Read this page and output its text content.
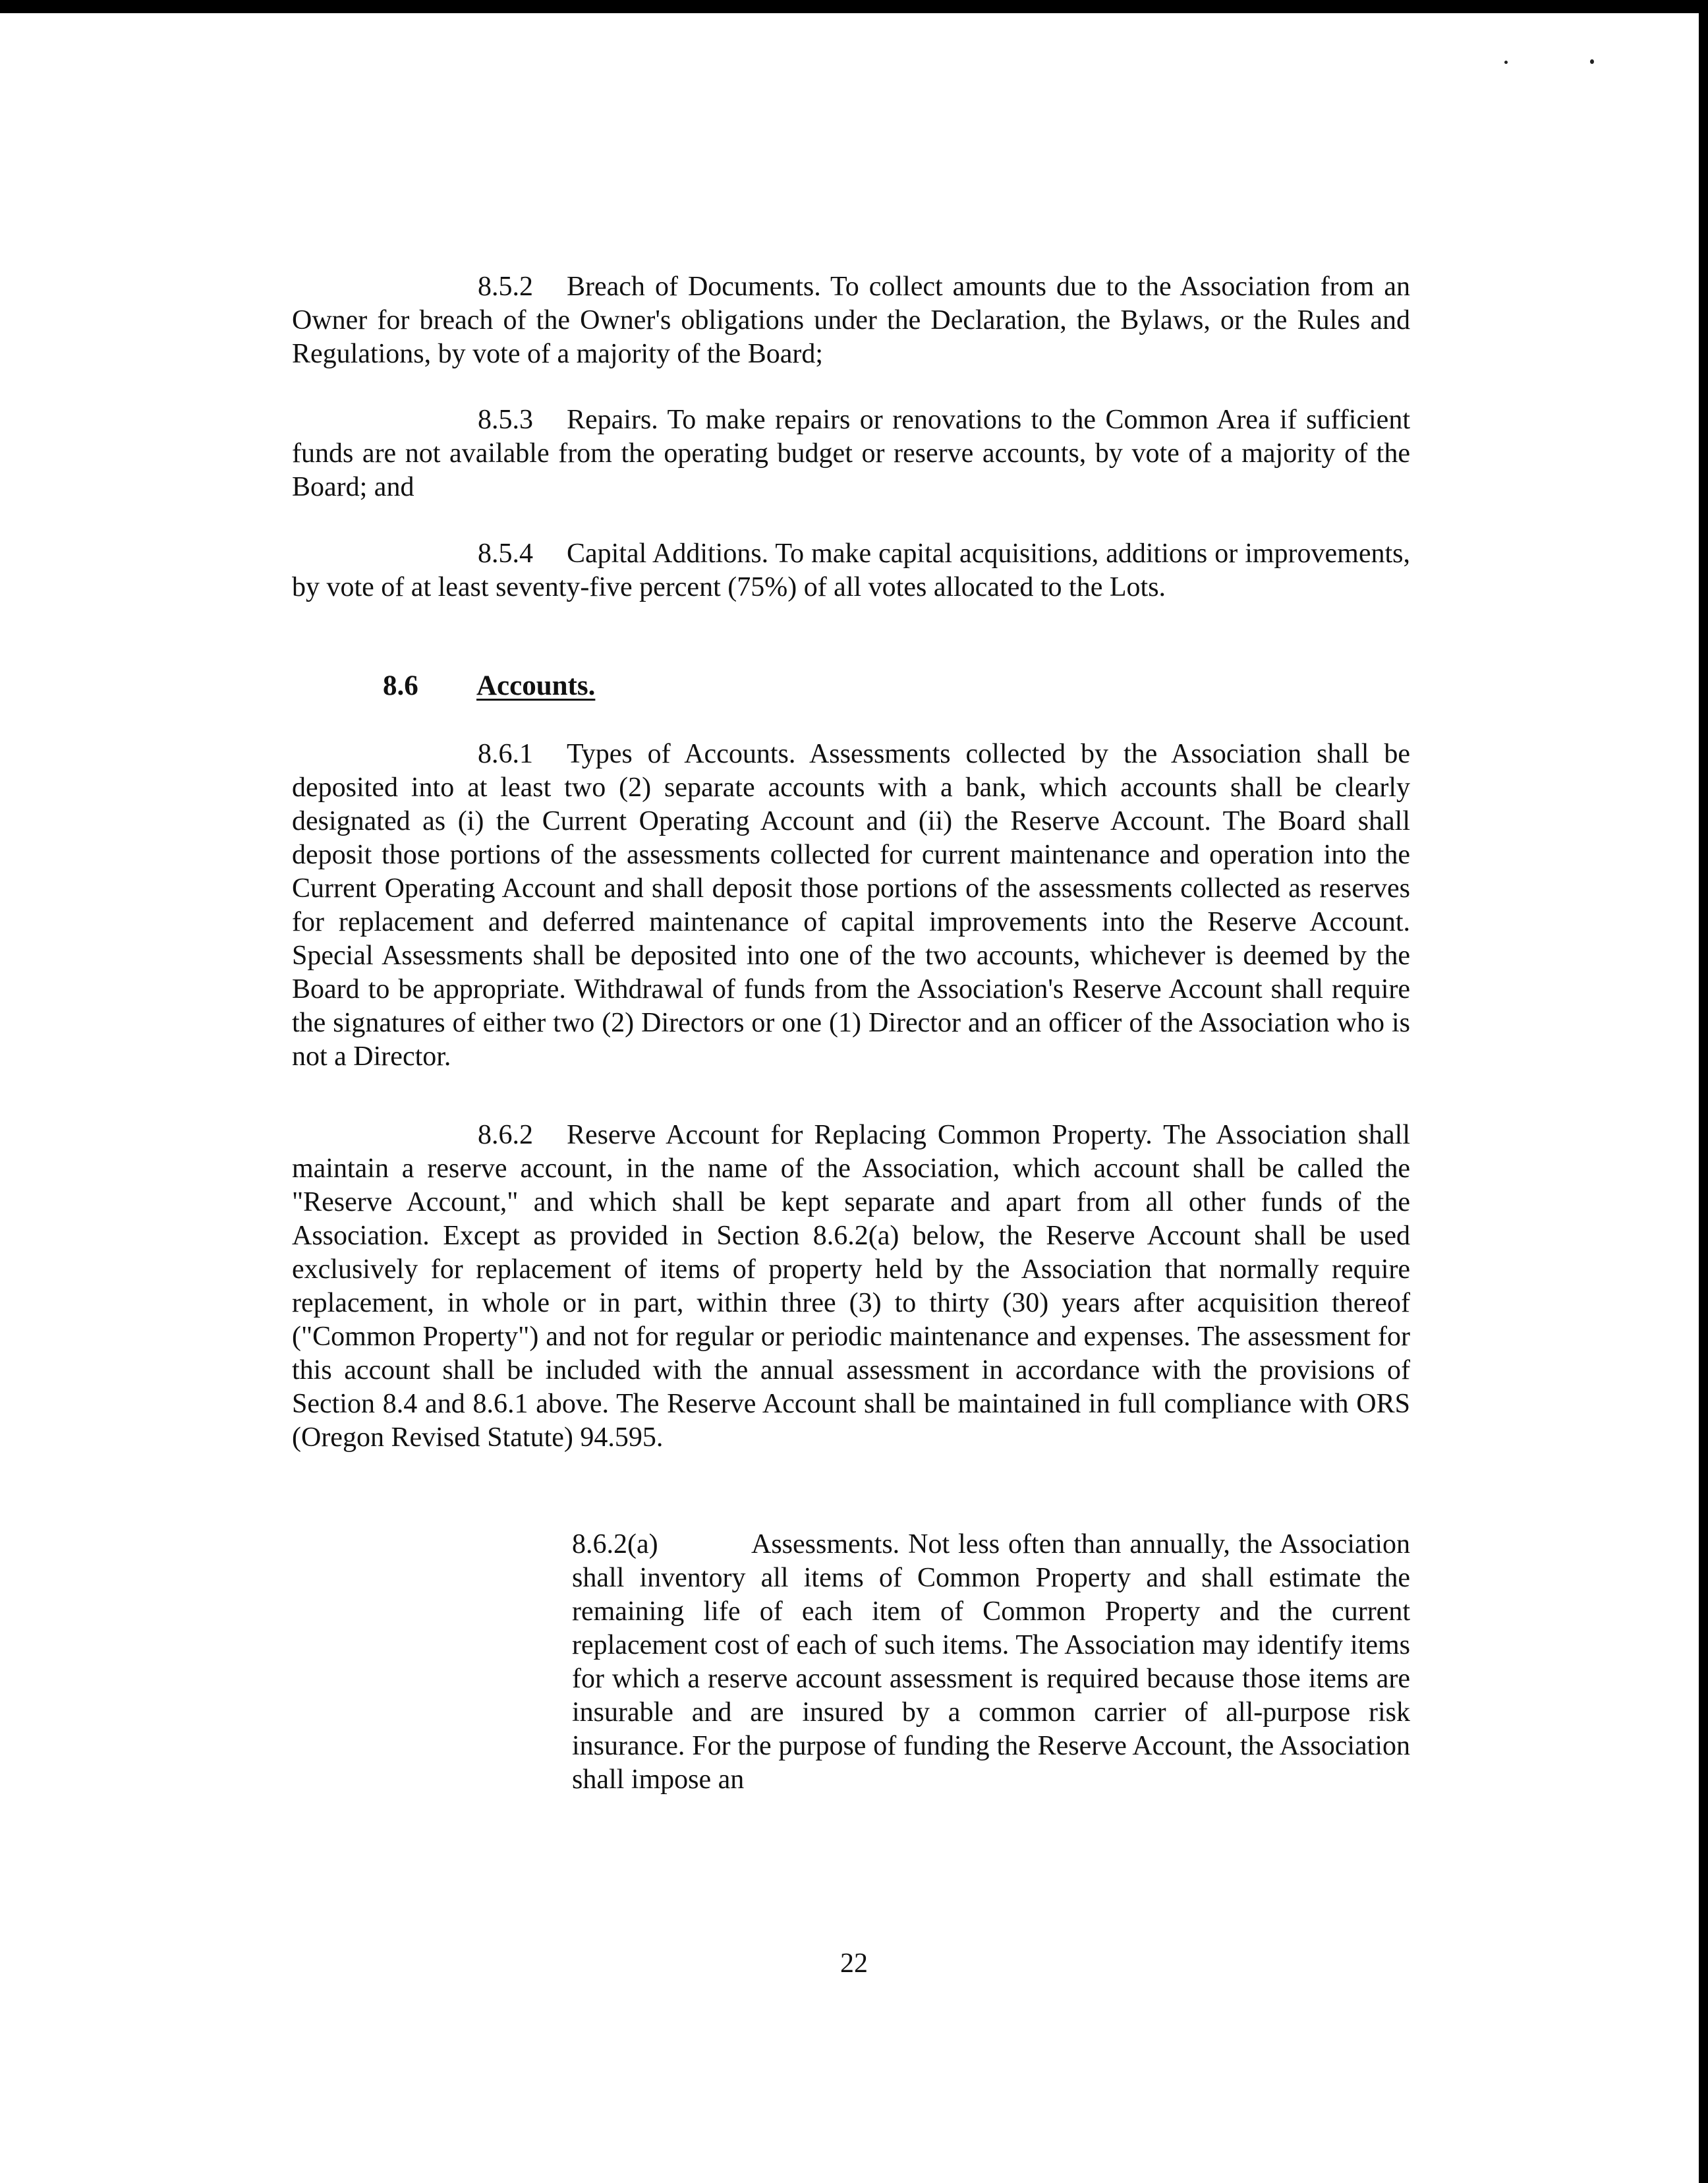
8.5.2 Breach of Documents. To collect amounts due to the Association from an Owner for breach of the Owner's obligations under the Declaration, the Bylaws, or the Rules and Regulations, by vote of a majority of the Board;
8.5.3 Repairs. To make repairs or renovations to the Common Area if sufficient funds are not available from the operating budget or reserve accounts, by vote of a majority of the Board; and
8.5.4 Capital Additions. To make capital acquisitions, additions or improvements, by vote of at least seventy-five percent (75%) of all votes allocated to the Lots.
8.6 Accounts.
8.6.1 Types of Accounts. Assessments collected by the Association shall be deposited into at least two (2) separate accounts with a bank, which accounts shall be clearly designated as (i) the Current Operating Account and (ii) the Reserve Account. The Board shall deposit those portions of the assessments collected for current maintenance and operation into the Current Operating Account and shall deposit those portions of the assessments collected as reserves for replacement and deferred maintenance of capital improvements into the Reserve Account. Special Assessments shall be deposited into one of the two accounts, whichever is deemed by the Board to be appropriate. Withdrawal of funds from the Association's Reserve Account shall require the signatures of either two (2) Directors or one (1) Director and an officer of the Association who is not a Director.
8.6.2 Reserve Account for Replacing Common Property. The Association shall maintain a reserve account, in the name of the Association, which account shall be called the "Reserve Account," and which shall be kept separate and apart from all other funds of the Association. Except as provided in Section 8.6.2(a) below, the Reserve Account shall be used exclusively for replacement of items of property held by the Association that normally require replacement, in whole or in part, within three (3) to thirty (30) years after acquisition thereof ("Common Property") and not for regular or periodic maintenance and expenses. The assessment for this account shall be included with the annual assessment in accordance with the provisions of Section 8.4 and 8.6.1 above. The Reserve Account shall be maintained in full compliance with ORS (Oregon Revised Statute) 94.595.
8.6.2(a)	Assessments. Not less often than annually, the Association shall inventory all items of Common Property and shall estimate the remaining life of each item of Common Property and the current replacement cost of each of such items. The Association may identify items for which a reserve account assessment is required because those items are insurable and are insured by a common carrier of all-purpose risk insurance. For the purpose of funding the Reserve Account, the Association shall impose an
22
